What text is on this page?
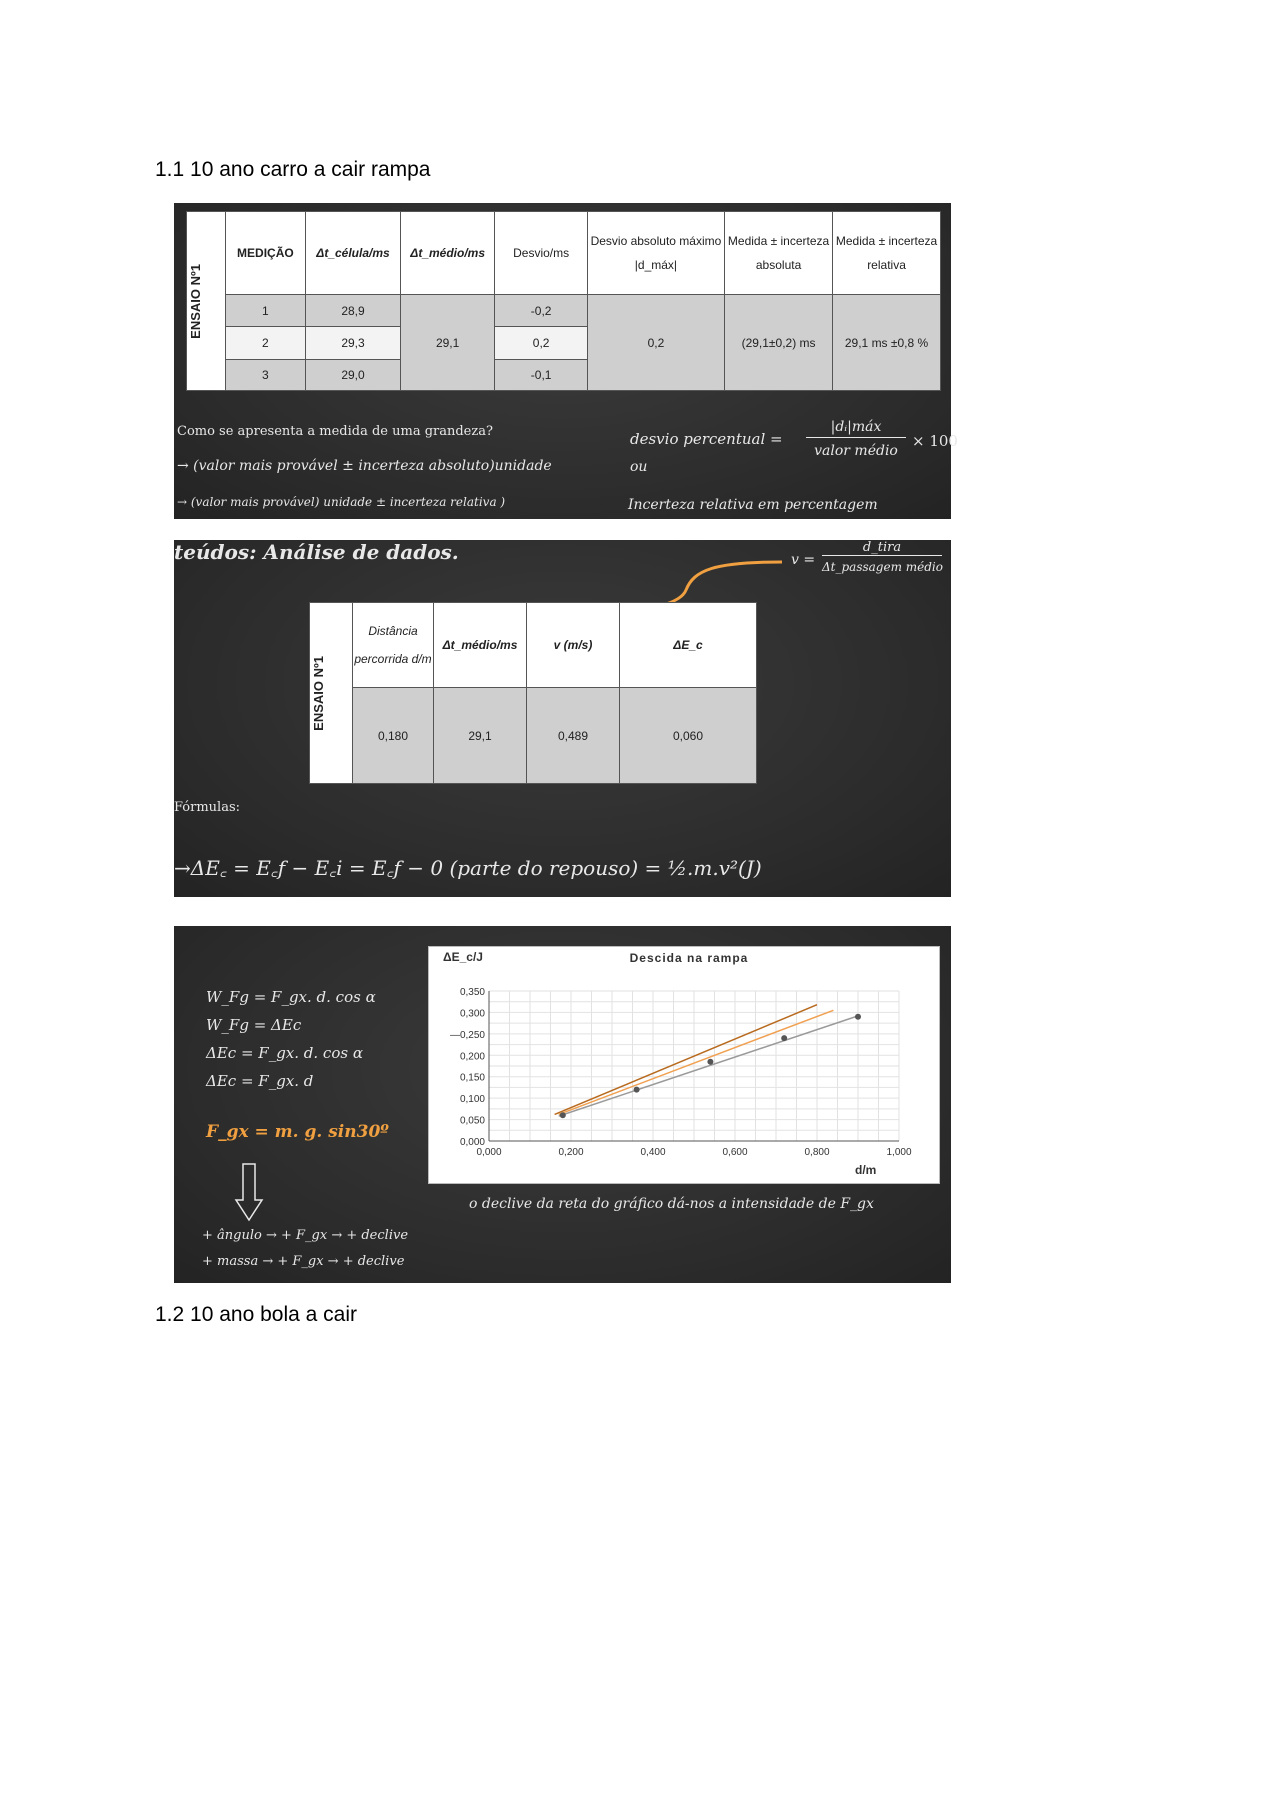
1.1 10 ano carro a cair rampa
ENSAIO Nº1	MEDIÇÃO	Δt_célula/ms	Δt_médio/ms	Desvio/ms	Desvio absoluto máximo |d_máx|	Medida ± incerteza absoluta	Medida ± incerteza relativa
	1	28,9	29,1	-0,2	0,2	(29,1±0,2) ms	29,1 ms ±0,8 %
	2	29,3		0,2			
	3	29,0		-0,1			
Como se apresenta a medida de uma grandeza?
→ (valor mais provável ± incerteza absoluto)unidade
→ (valor mais provável) unidade ± incerteza relativa )
desvio percentual =
|dᵢ|máx
valor médio
× 100
ou
Incerteza relativa em percentagem
teúdos: Análise de dados.	v =
d_tira
Δt_passagem médio
ENSAIO Nº1	Distância percorrida d/m	Δt_médio/ms	v (m/s)	ΔE_c
	0,180	29,1	0,489	0,060
Fórmulas:
→ΔE꜀ = E꜀f − E꜀i = E꜀f − 0 (parte do repouso) = ½.m.v²(J)
W_Fg = F_gx. d. cos α
W_Fg = ΔEc
ΔEc = F_gx. d. cos α
ΔEc = F_gx. d
F_gx = m. g. sin30º
+ ângulo → + F_gx → + declive
+ massa → + F_gx → + declive
o declive da reta do gráfico dá-nos a intensidade de F_gx
0,000	0,200	0,400	0,600	0,800	1,000
0,000
0,050
0,100
0,150
0,200
—0,250
0,300
0,350
Descida na rampa
ΔE_c/J
d/m
1.2 10 ano bola a cair
